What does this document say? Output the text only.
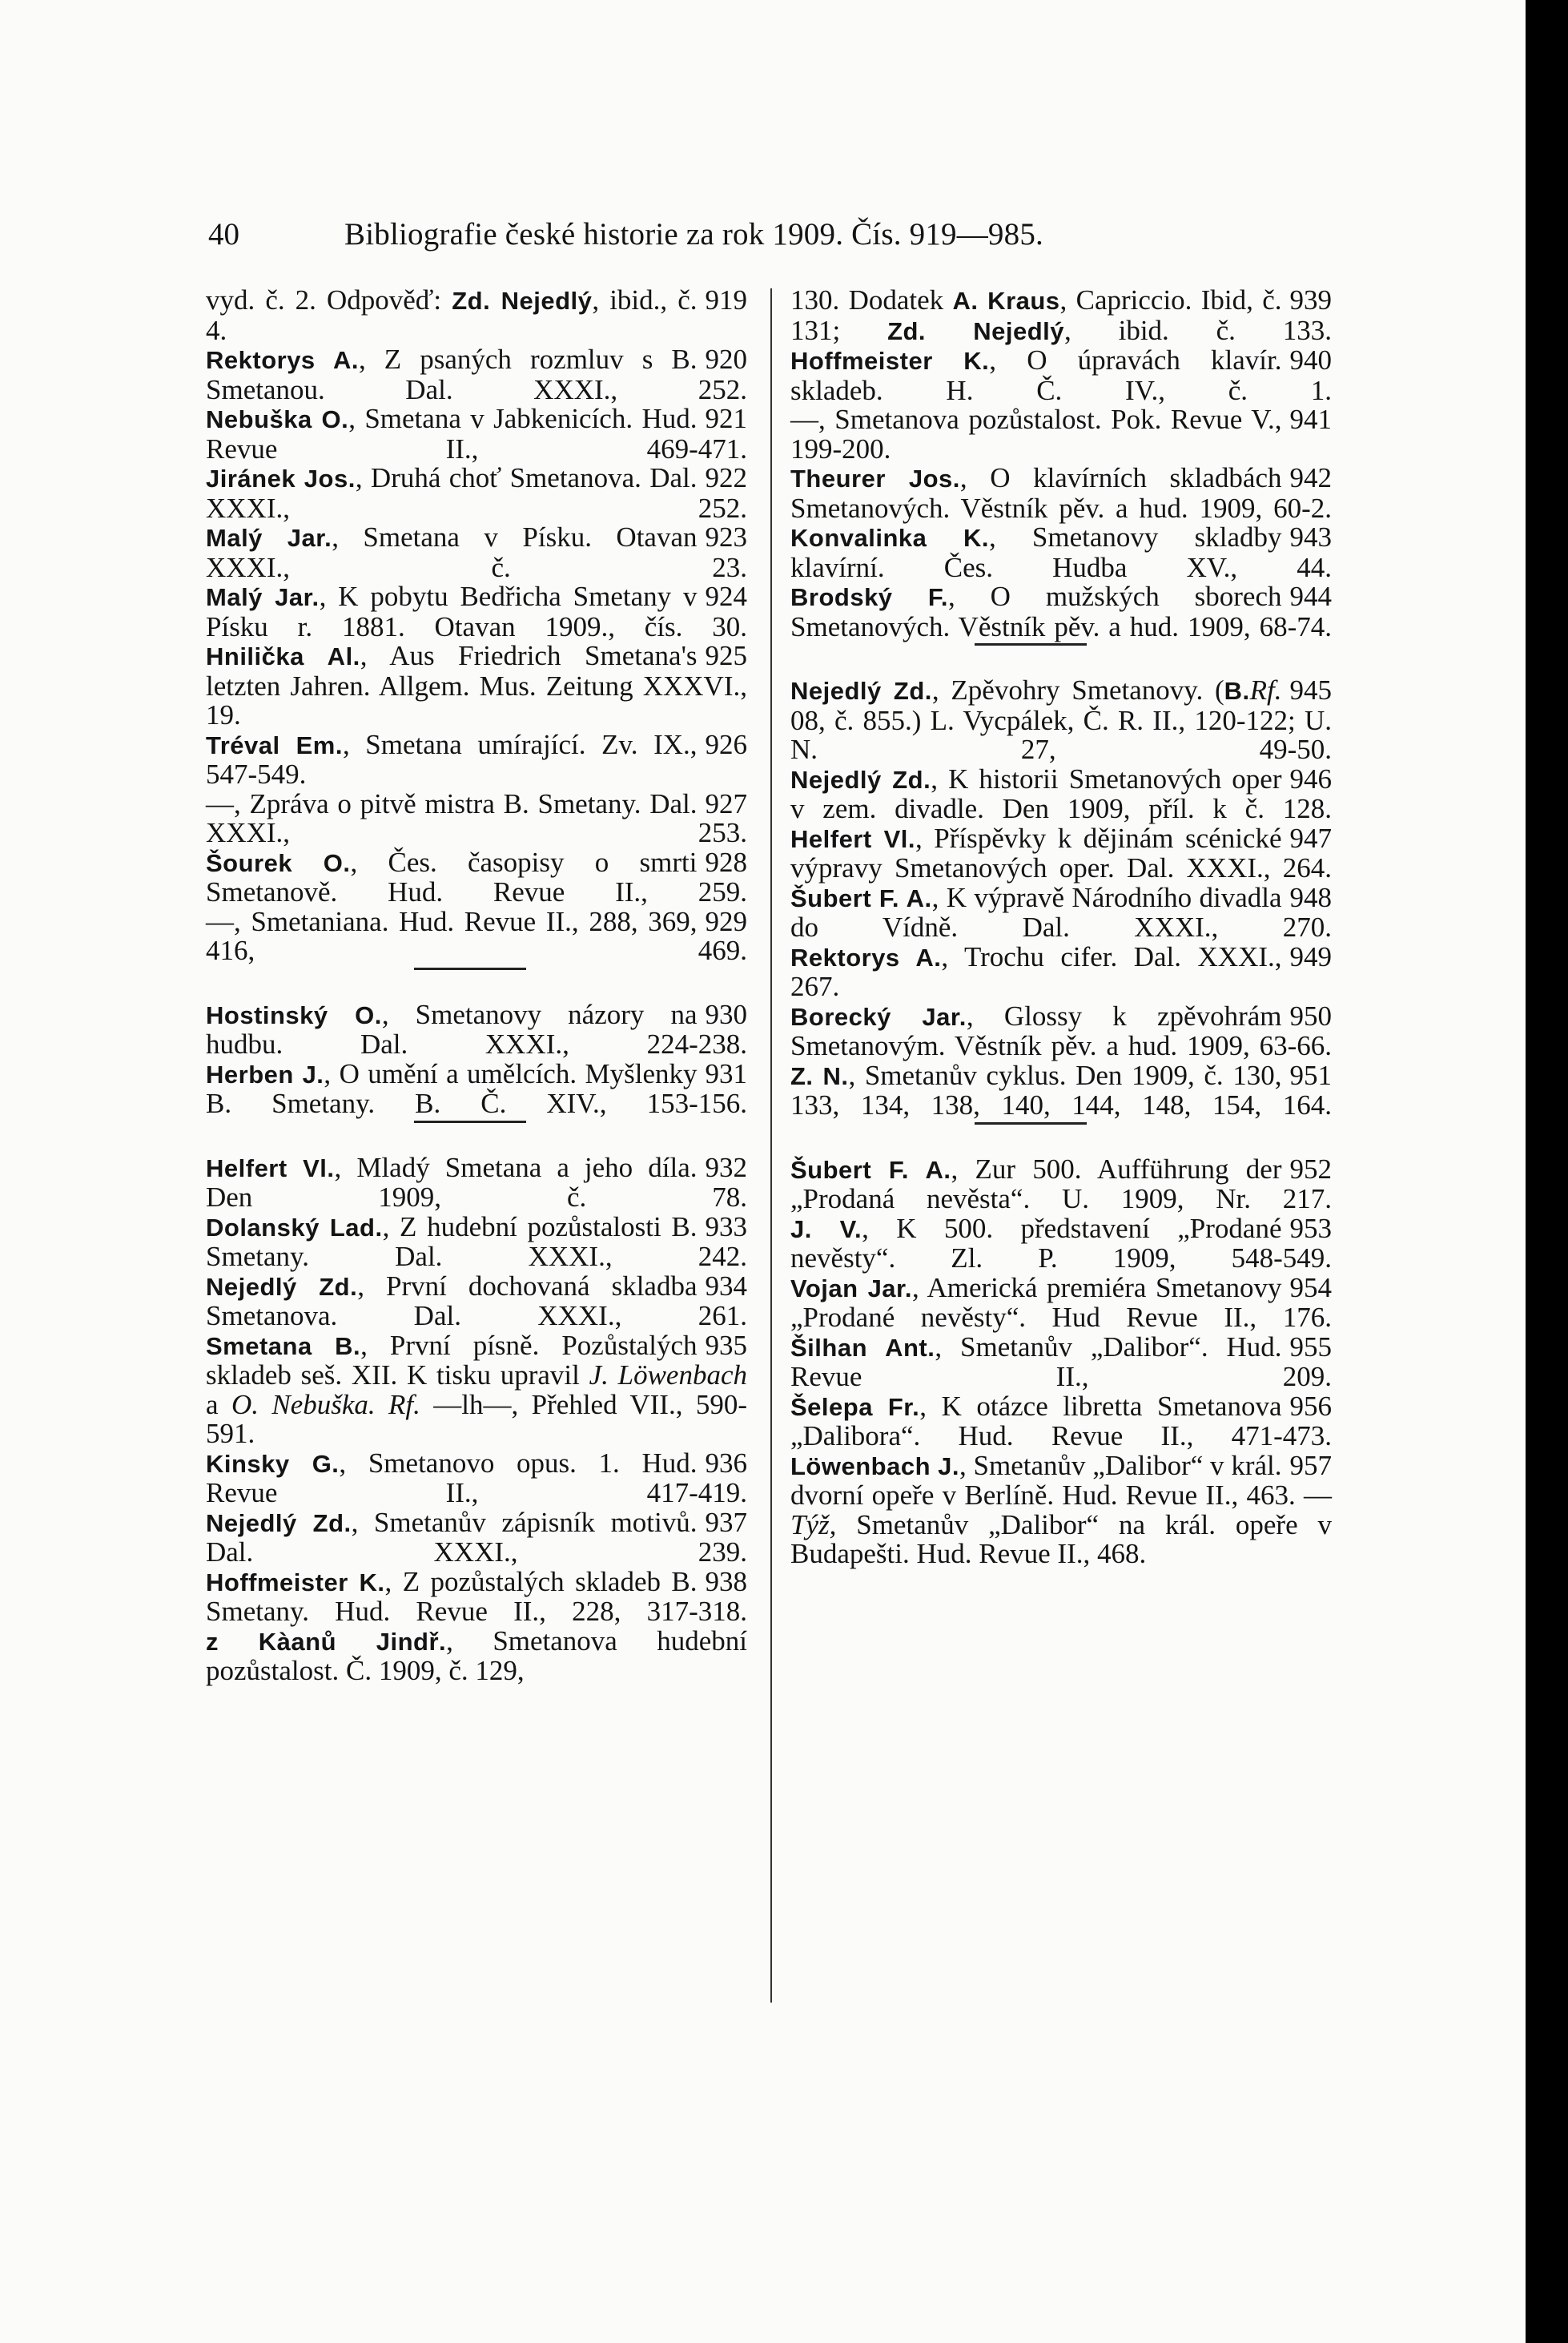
40	Bibliografie české historie za rok 1909. Čís. 919—985.

919
vyd. č. 2. Odpověď: Zd. Nejedlý, ibid., č. 4.

920
Rektorys A., Z psaných rozmluv s B. Smetanou. Dal. XXXI., 252.

921
Nebuška O., Smetana v Jabkenicích. Hud. Revue II., 469-471.

922
Jiránek Jos., Druhá choť Smetanova. Dal. XXXI., 252.

923
Malý Jar., Smetana v Písku. Otavan XXXI., č. 23.

924
Malý Jar., K pobytu Bedřicha Smetany v Písku r. 1881. Otavan 1909., čís. 30.

925
Hnilička Al., Aus Friedrich Smetana's letzten Jahren. Allgem. Mus. Zeitung XXXVI., 19.

926
Tréval Em., Smetana umírající. Zv. IX., 547-549.

927
—, Zpráva o pitvě mistra B. Smetany. Dal. XXXI., 253.

928
Šourek O., Čes. časopisy o smrti Smetanově. Hud. Revue II., 259.

929
—, Smetaniana. Hud. Revue II., 288, 369, 416, 469.

930
Hostinský O., Smetanovy názory na hudbu. Dal. XXXI., 224-238.

931
Herben J., O umění a umělcích. Myšlenky B. Smetany. B. Č. XIV., 153-156.

932
Helfert Vl., Mladý Smetana a jeho díla. Den 1909, č. 78.

933
Dolanský Lad., Z hudební pozůstalosti B. Smetany. Dal. XXXI., 242.

934
Nejedlý Zd., První dochovaná skladba Smetanova. Dal. XXXI., 261.

935
Smetana B., První písně. Pozůstalých skladeb seš. XII. K tisku upravil J. Löwenbach a O. Nebuška. Rf. —lh—, Přehled VII., 590-591.

936
Kinsky G., Smetanovo opus. 1. Hud. Revue II., 417-419.

937
Nejedlý Zd., Smetanův zápisník motivů. Dal. XXXI., 239.

938
Hoffmeister K., Z pozůstalých skladeb B. Smetany. Hud. Revue II., 228, 317-318.

z Kàanů Jindř., Smetanova hudební pozůstalost. Č. 1909, č. 129,

939
130. Dodatek A. Kraus, Capriccio. Ibid, č. 131; Zd. Nejedlý, ibid. č. 133.

940
Hoffmeister K., O úpravách klavír. skladeb. H. Č. IV., č. 1.

941
—, Smetanova pozůstalost. Pok. Revue V., 199-200.

942
Theurer Jos., O klavírních skladbách Smetanových. Věstník pěv. a hud. 1909, 60-2.

943
Konvalinka K., Smetanovy skladby klavírní. Čes. Hudba XV., 44.

944
Brodský F., O mužských sborech Smetanových. Věstník pěv. a hud. 1909, 68-74.

945
Nejedlý Zd., Zpěvohry Smetanovy. (B.Rf. 08, č. 855.) L. Vycpálek, Č. R. II., 120-122; U. N. 27, 49-50.

946
Nejedlý Zd., K historii Smetanových oper v zem. divadle. Den 1909, příl. k č. 128.

947
Helfert Vl., Příspěvky k dějinám scénické výpravy Smetanových oper. Dal. XXXI., 264.

948
Šubert F. A., K výpravě Národního divadla do Vídně. Dal. XXXI., 270.

949
Rektorys A., Trochu cifer. Dal. XXXI., 267.

950
Borecký Jar., Glossy k zpěvohrám Smetanovým. Věstník pěv. a hud. 1909, 63-66.

951
Z. N., Smetanův cyklus. Den 1909, č. 130, 133, 134, 138, 140, 144, 148, 154, 164.

952
Šubert F. A., Zur 500. Aufführung der „Prodaná nevěsta“. U. 1909, Nr. 217.

953
J. V., K 500. představení „Prodané nevěsty“. Zl. P. 1909, 548-549.

954
Vojan Jar., Americká premiéra Smetanovy „Prodané nevěsty“. Hud Revue II., 176.

955
Šilhan Ant., Smetanův „Dalibor“. Hud. Revue II., 209.

956
Šelepa Fr., K otázce libretta Smetanova „Dalibora“. Hud. Revue II., 471-473.

957
Löwenbach J., Smetanův „Dalibor“ v král. dvorní opeře v Berlíně. Hud. Revue II., 463. — Týž, Smetanův „Dalibor“ na král. opeře v Budapešti. Hud. Revue II., 468.
